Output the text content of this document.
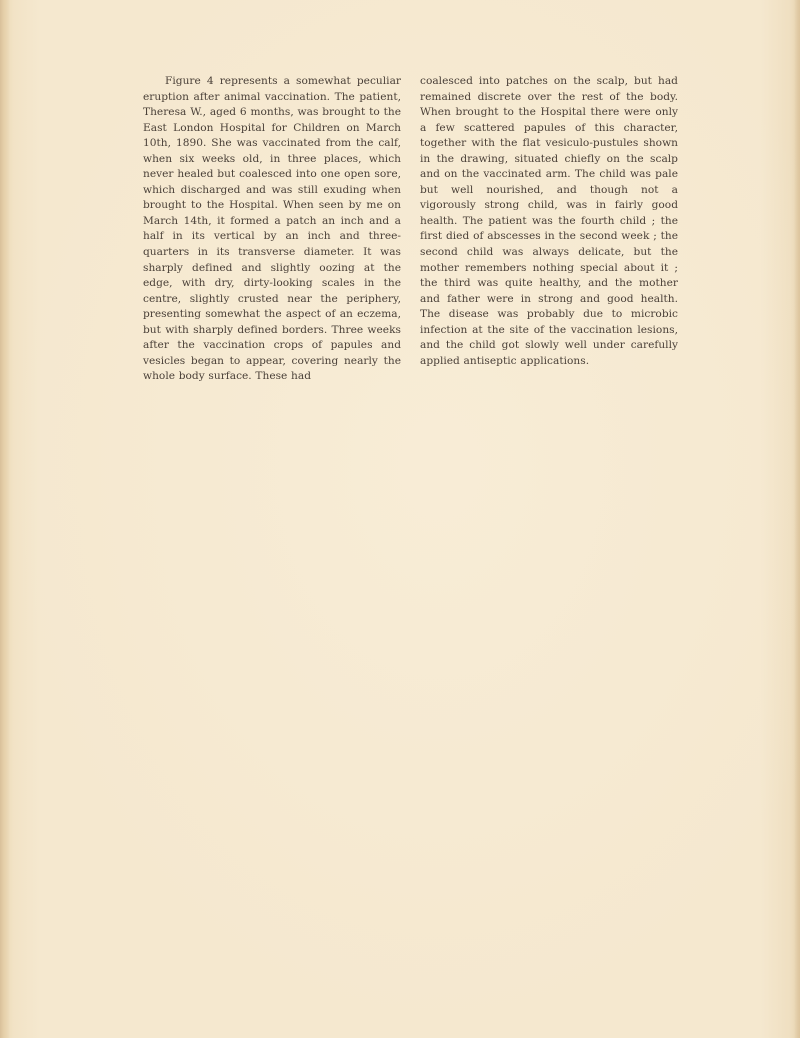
Figure 4 represents a somewhat peculiar eruption after animal vaccination. The patient, Theresa W., aged 6 months, was brought to the East London Hospital for Children on March 10th, 1890. She was vaccinated from the calf, when six weeks old, in three places, which never healed but coalesced into one open sore, which discharged and was still exuding when brought to the Hospital. When seen by me on March 14th, it formed a patch an inch and a half in its vertical by an inch and three-quarters in its transverse diameter. It was sharply defined and slightly oozing at the edge, with dry, dirty-looking scales in the centre, slightly crusted near the periphery, presenting somewhat the aspect of an eczema, but with sharply defined borders. Three weeks after the vaccination crops of papules and vesicles began to appear, covering nearly the whole body surface. These had

coalesced into patches on the scalp, but had remained discrete over the rest of the body. When brought to the Hospital there were only a few scattered papules of this character, together with the flat vesiculo-pustules shown in the drawing, situated chiefly on the scalp and on the vaccinated arm. The child was pale but well nourished, and though not a vigorously strong child, was in fairly good health. The patient was the fourth child ; the first died of abscesses in the second week ; the second child was always delicate, but the mother remembers nothing special about it ; the third was quite healthy, and the mother and father were in strong and good health. The disease was probably due to microbic infection at the site of the vaccination lesions, and the child got slowly well under carefully applied antiseptic applications.
